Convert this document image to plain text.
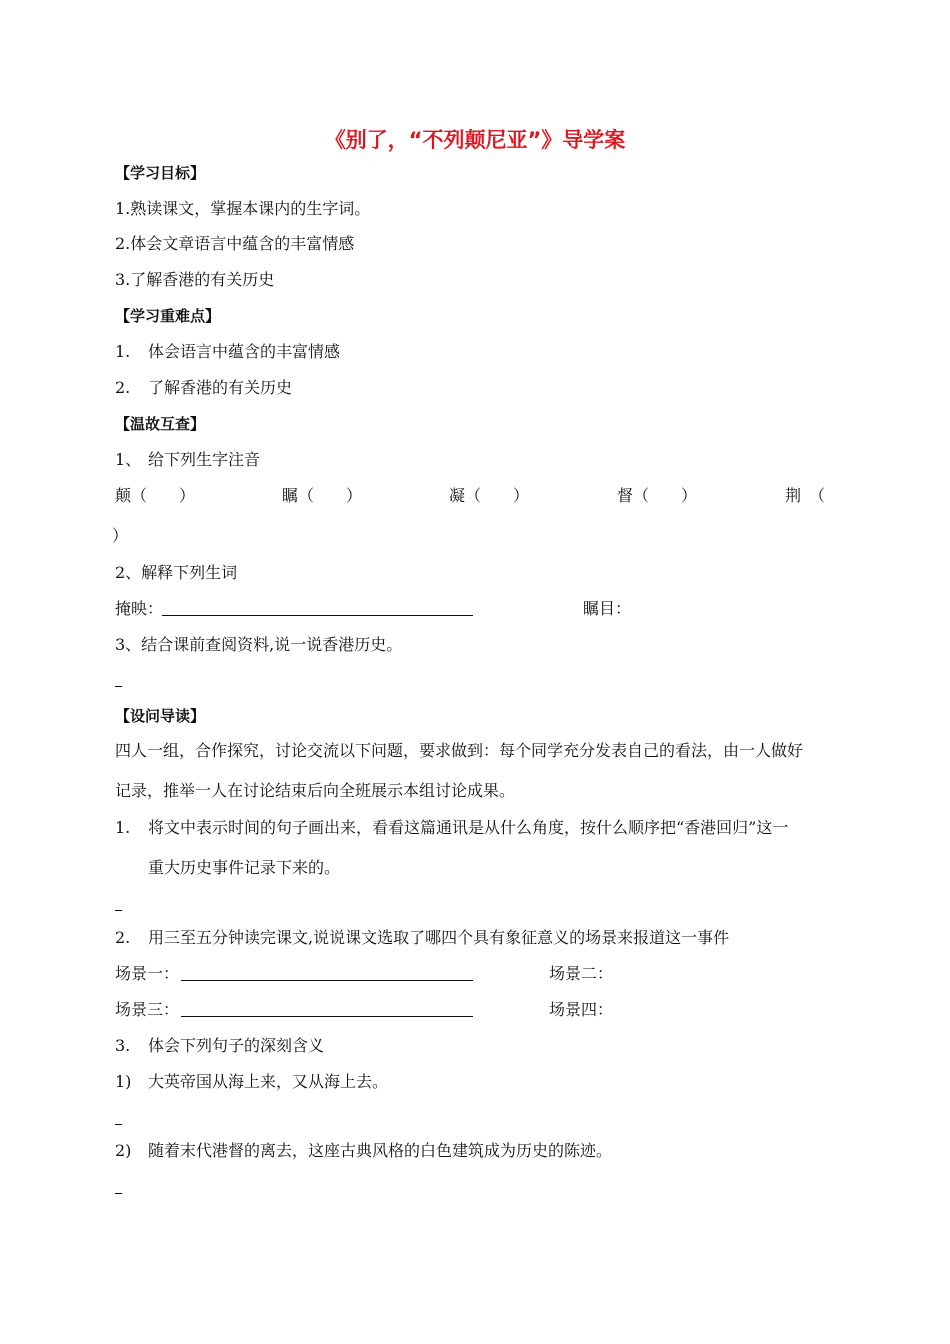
《别了，“不列颠尼亚”》导学案
【学习目标】
1.熟读课文，掌握本课内的生字词。
2.体会文章语言中蕴含的丰富情感
3.了解香港的有关历史
【学习重难点】
1. 体会语言中蕴含的丰富情感
2. 了解香港的有关历史
【温故互查】
1、 给下列生字注音
颠（　　）	瞩（　　）	凝（　　）	督（　　）	荆　（
）
2、解释下列生词
掩映：	瞩目：
3、结合课前查阅资料,说一说香港历史。
【设问导读】
四人一组，合作探究，讨论交流以下问题，要求做到：每个同学充分发表自己的看法，由一人做好
记录，推举一人在讨论结束后向全班展示本组讨论成果。
1. 将文中表示时间的句子画出来，看看这篇通讯是从什么角度，按什么顺序把“香港回归”这一
重大历史事件记录下来的。
2. 用三至五分钟读完课文,说说课文选取了哪四个具有象征意义的场景来报道这一事件
场景一：	场景二：
场景三：	场景四：
3. 体会下列句子的深刻含义
1) 大英帝国从海上来，又从海上去。
2) 随着末代港督的离去，这座古典风格的白色建筑成为历史的陈迹。
